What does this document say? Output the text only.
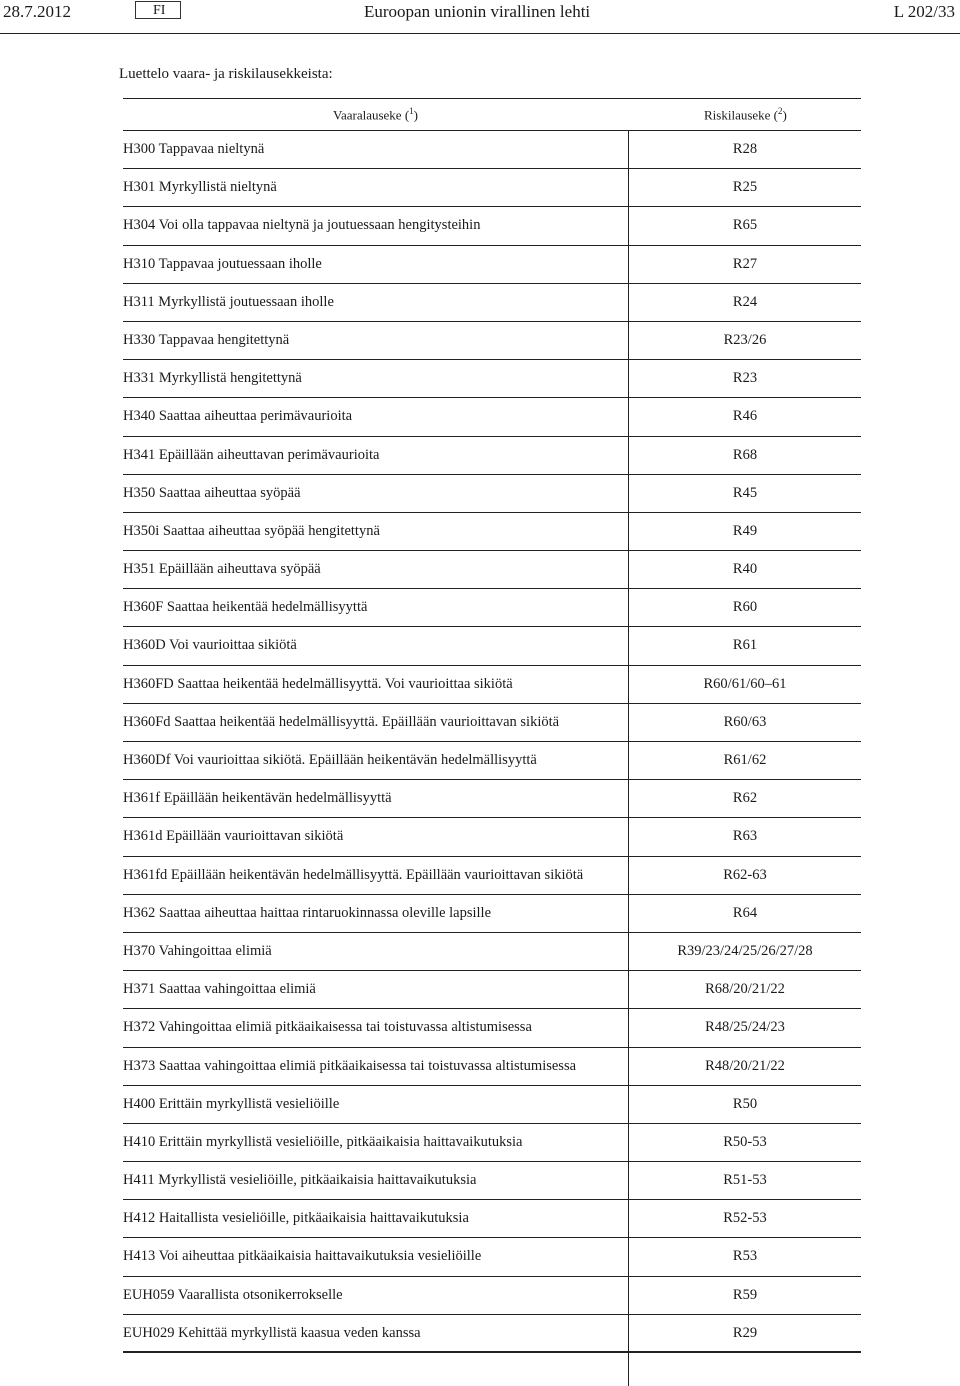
28.7.2012	FI	Euroopan unionin virallinen lehti	L 202/33
Luettelo vaara- ja riskilausekkeista:
Vaaralauseke ($^1$)	Riskilauseke ($^2$)
H300 Tappavaa nieltynä	R28
H301 Myrkyllistä nieltynä	R25
H304 Voi olla tappavaa nieltynä ja joutuessaan hengitysteihin	R65
H310 Tappavaa joutuessaan iholle	R27
H311 Myrkyllistä joutuessaan iholle	R24
H330 Tappavaa hengitettynä	R23/26
H331 Myrkyllistä hengitettynä	R23
H340 Saattaa aiheuttaa perimävaurioita	R46
H341 Epäillään aiheuttavan perimävaurioita	R68
H350 Saattaa aiheuttaa syöpää	R45
H350i Saattaa aiheuttaa syöpää hengitettynä	R49
H351 Epäillään aiheuttava syöpää	R40
H360F Saattaa heikentää hedelmällisyyttä	R60
H360D Voi vaurioittaa sikiötä	R61
H360FD Saattaa heikentää hedelmällisyyttä. Voi vaurioittaa sikiötä	R60/61/60–61
H360Fd Saattaa heikentää hedelmällisyyttä. Epäillään vaurioittavan sikiötä	R60/63
H360Df Voi vaurioittaa sikiötä. Epäillään heikentävän hedelmällisyyttä	R61/62
H361f Epäillään heikentävän hedelmällisyyttä	R62
H361d Epäillään vaurioittavan sikiötä	R63
H361fd Epäillään heikentävän hedelmällisyyttä. Epäillään vaurioittavan sikiötä	R62-63
H362 Saattaa aiheuttaa haittaa rintaruokinnassa oleville lapsille	R64
H370 Vahingoittaa elimiä	R39/23/24/25/26/27/28
H371 Saattaa vahingoittaa elimiä	R68/20/21/22
H372 Vahingoittaa elimiä pitkäaikaisessa tai toistuvassa altistumisessa	R48/25/24/23
H373 Saattaa vahingoittaa elimiä pitkäaikaisessa tai toistuvassa altistumisessa	R48/20/21/22
H400 Erittäin myrkyllistä vesieliöille	R50
H410 Erittäin myrkyllistä vesieliöille, pitkäaikaisia haittavaikutuksia	R50-53
H411 Myrkyllistä vesieliöille, pitkäaikaisia haittavaikutuksia	R51-53
H412 Haitallista vesieliöille, pitkäaikaisia haittavaikutuksia	R52-53
H413 Voi aiheuttaa pitkäaikaisia haittavaikutuksia vesieliöille	R53
EUH059 Vaarallista otsonikerrokselle	R59
EUH029 Kehittää myrkyllistä kaasua veden kanssa	R29
